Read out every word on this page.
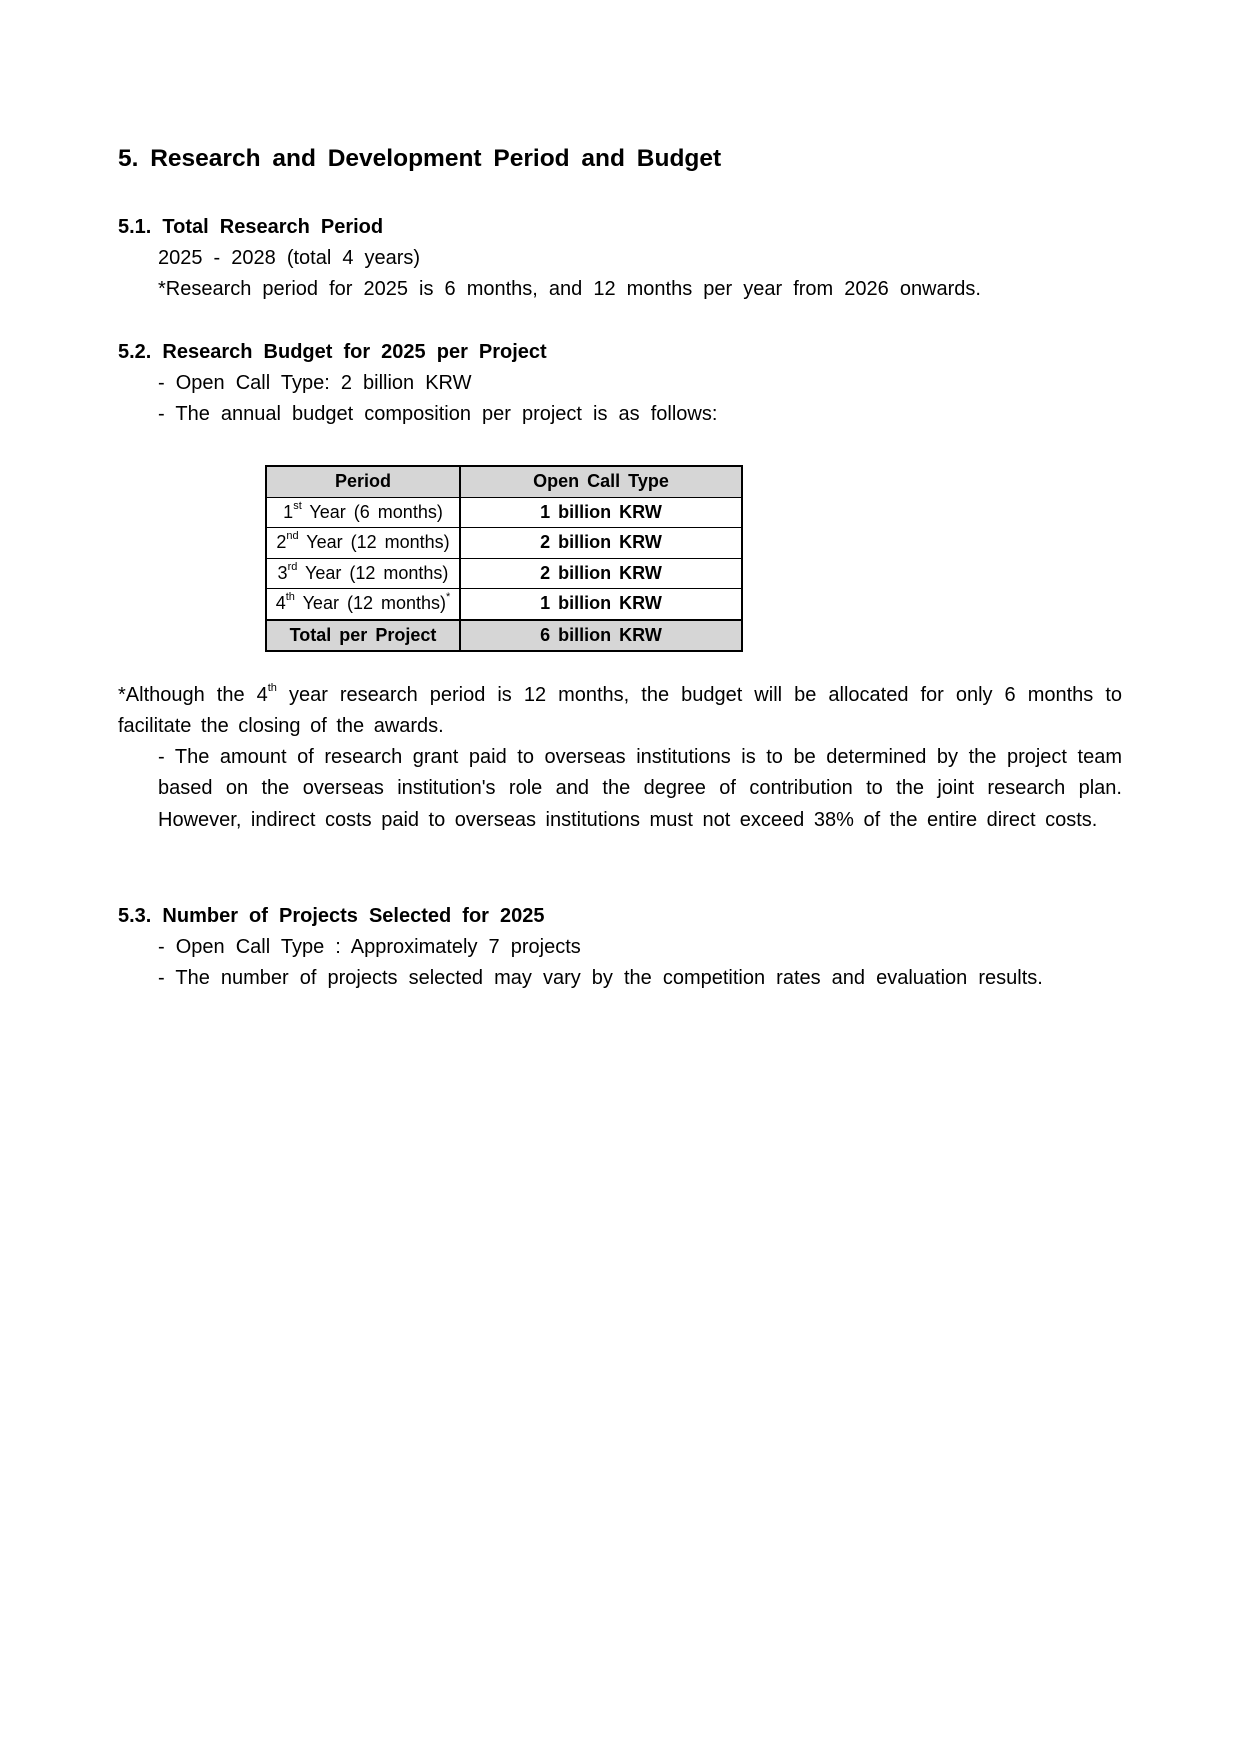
5. Research and Development Period and Budget
5.1. Total Research Period
2025 - 2028 (total 4 years)
*Research period for 2025 is 6 months, and 12 months per year from 2026 onwards.
5.2. Research Budget for 2025 per Project
- Open Call Type: 2 billion KRW
- The annual budget composition per project is as follows:
Period	Open Call Type
1st Year (6 months)	1 billion KRW
2nd Year (12 months)	2 billion KRW
3rd Year (12 months)	2 billion KRW
4th Year (12 months)*	1 billion KRW
Total per Project	6 billion KRW
*Although the 4th year research period is 12 months, the budget will be allocated for only 6 months to facilitate the closing of the awards.
- The amount of research grant paid to overseas institutions is to be determined by the project team based on the overseas institution's role and the degree of contribution to the joint research plan. However, indirect costs paid to overseas institutions must not exceed 38% of the entire direct costs.
5.3. Number of Projects Selected for 2025
- Open Call Type : Approximately 7 projects
- The number of projects selected may vary by the competition rates and evaluation results.
